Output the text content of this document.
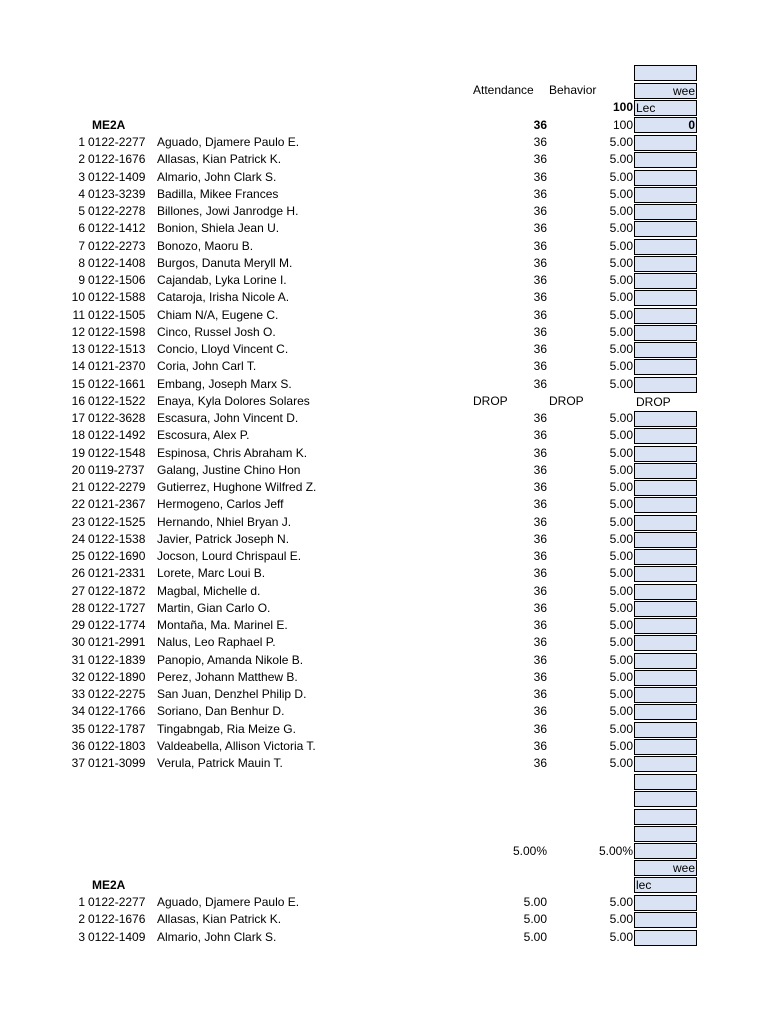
Attendance Behavior	wee
100 Lec
ME2A	36	100	0
1 0122-2277 Aguado, Djamere Paulo E.	36	5.00
2 0122-1676 Allasas, Kian Patrick K.	36	5.00
3 0122-1409 Almario, John Clark S.	36	5.00
4 0123-3239 Badilla, Mikee Frances	36	5.00
5 0122-2278 Billones, Jowi Janrodge H.	36	5.00
6 0122-1412 Bonion, Shiela Jean U.	36	5.00
7 0122-2273 Bonozo, Maoru B.	36	5.00
8 0122-1408 Burgos, Danuta Meryll M.	36	5.00
9 0122-1506 Cajandab, Lyka Lorine I.	36	5.00
10 0122-1588 Cataroja, Irisha Nicole A.	36	5.00
11 0122-1505 Chiam N/A, Eugene C.	36	5.00
12 0122-1598 Cinco, Russel Josh O.	36	5.00
13 0122-1513 Concio, Lloyd Vincent C.	36	5.00
14 0121-2370 Coria, John Carl T.	36	5.00
15 0122-1661 Embang, Joseph Marx S.	36	5.00
16 0122-1522 Enaya, Kyla Dolores Solares	DROP	DROP	DROP
17 0122-3628 Escasura, John Vincent D.	36	5.00
18 0122-1492 Escosura, Alex P.	36	5.00
19 0122-1548 Espinosa, Chris Abraham K.	36	5.00
20 0119-2737 Galang, Justine Chino Hon	36	5.00
21 0122-2279 Gutierrez, Hughone Wilfred Z.	36	5.00
22 0121-2367 Hermogeno, Carlos Jeff	36	5.00
23 0122-1525 Hernando, Nhiel Bryan J.	36	5.00
24 0122-1538 Javier, Patrick Joseph N.	36	5.00
25 0122-1690 Jocson, Lourd Chrispaul E.	36	5.00
26 0121-2331 Lorete, Marc Loui B.	36	5.00
27 0122-1872 Magbal, Michelle d.	36	5.00
28 0122-1727 Martin, Gian Carlo O.	36	5.00
29 0122-1774 Montaña, Ma. Marinel E.	36	5.00
30 0121-2991 Nalus, Leo Raphael P.	36	5.00
31 0122-1839 Panopio, Amanda Nikole B.	36	5.00
32 0122-1890 Perez, Johann Matthew B.	36	5.00
33 0122-2275 San Juan, Denzhel Philip D.	36	5.00
34 0122-1766 Soriano, Dan Benhur D.	36	5.00
35 0122-1787 Tingabngab, Ria Meize G.	36	5.00
36 0122-1803 Valdeabella, Allison Victoria T.	36	5.00
37 0121-3099 Verula, Patrick Mauin T.	36	5.00
5.00%	5.00%
wee
ME2A	lec
1 0122-2277 Aguado, Djamere Paulo E.	5.00	5.00
2 0122-1676 Allasas, Kian Patrick K.	5.00	5.00
3 0122-1409 Almario, John Clark S.	5.00	5.00
